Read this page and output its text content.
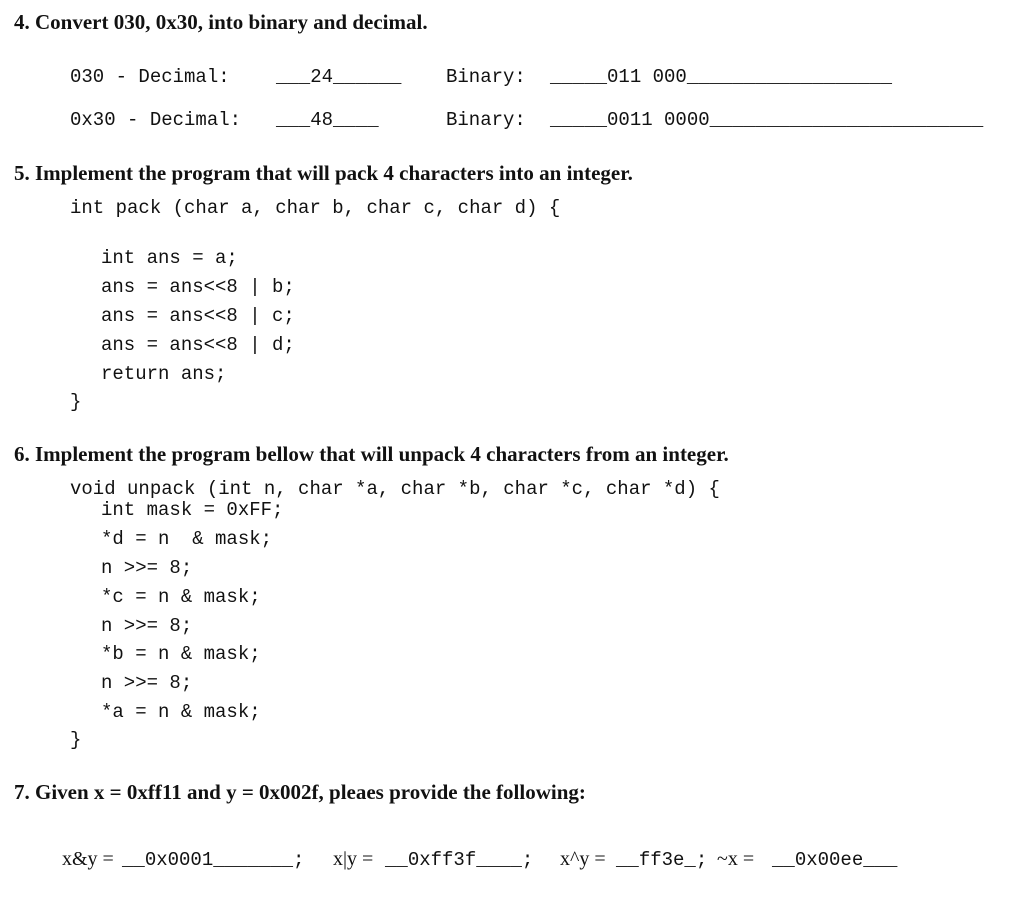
4. Convert 030, 0x30, into binary and decimal.
030 - Decimal: ___24______ Binary: _____011 000__________________
0x30 - Decimal: ___48____	Binary: _____0011 0000________________________
5. Implement the program that will pack 4 characters into an integer.
int pack (char a, char b, char c, char d) {
int ans = a;
ans = ans<<8 | b;
ans = ans<<8 | c;
ans = ans<<8 | d;
return ans;
}
6. Implement the program bellow that will unpack 4 characters from an integer.
void unpack (int n, char *a, char *b, char *c, char *d) {
int mask = 0xFF;
*d = n  & mask;
n >>= 8;
*c = n & mask;
n >>= 8;
*b = n & mask;
n >>= 8;
*a = n & mask;
}
7. Given x = 0xff11 and y = 0x002f, pleaes provide the following:
x&y = __0x0001_______; x|y = __0xff3f____; x^y = __ff3e_; ~x = __0x00ee___
